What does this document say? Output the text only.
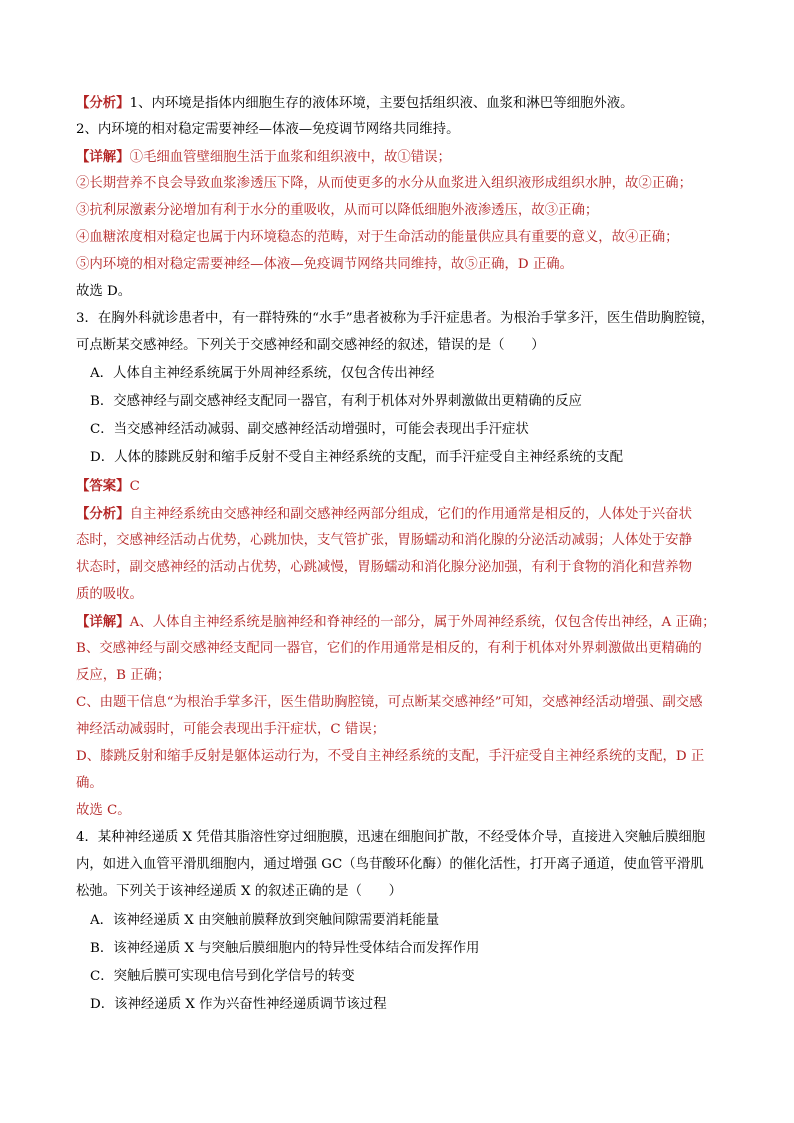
【分析】1、内环境是指体内细胞生存的液体环境，主要包括组织液、血浆和淋巴等细胞外液。
2、内环境的相对稳定需要神经—体液—免疫调节网络共同维持。
【详解】①毛细血管壁细胞生活于血浆和组织液中，故①错误；
②长期营养不良会导致血浆渗透压下降，从而使更多的水分从血浆进入组织液形成组织水肿，故②正确；
③抗利尿激素分泌增加有利于水分的重吸收，从而可以降低细胞外液渗透压，故③正确；
④血糖浓度相对稳定也属于内环境稳态的范畴，对于生命活动的能量供应具有重要的意义，故④正确；
⑤内环境的相对稳定需要神经—体液—免疫调节网络共同维持，故⑤正确，D 正确。
故选 D。
3．在胸外科就诊患者中，有一群特殊的“水手”患者被称为手汗症患者。为根治手掌多汗，医生借助胸腔镜，
可点断某交感神经。下列关于交感神经和副交感神经的叙述，错误的是（　　）
A．人体自主神经系统属于外周神经系统，仅包含传出神经
B．交感神经与副交感神经支配同一器官，有利于机体对外界刺激做出更精确的反应
C．当交感神经活动减弱、副交感神经活动增强时，可能会表现出手汗症状
D．人体的膝跳反射和缩手反射不受自主神经系统的支配，而手汗症受自主神经系统的支配
【答案】C
【分析】自主神经系统由交感神经和副交感神经两部分组成，它们的作用通常是相反的，人体处于兴奋状
态时，交感神经活动占优势，心跳加快，支气管扩张，胃肠蠕动和消化腺的分泌活动减弱；人体处于安静
状态时，副交感神经的活动占优势，心跳减慢，胃肠蠕动和消化腺分泌加强，有利于食物的消化和营养物
质的吸收。
【详解】A、人体自主神经系统是脑神经和脊神经的一部分，属于外周神经系统，仅包含传出神经，A 正确；
B、交感神经与副交感神经支配同一器官，它们的作用通常是相反的，有利于机体对外界刺激做出更精确的
反应，B 正确；
C、由题干信息“为根治手掌多汗，医生借助胸腔镜，可点断某交感神经”可知，交感神经活动增强、副交感
神经活动减弱时，可能会表现出手汗症状，C 错误；
D、膝跳反射和缩手反射是躯体运动行为，不受自主神经系统的支配，手汗症受自主神经系统的支配，D 正
确。
故选 C。
4．某种神经递质 X 凭借其脂溶性穿过细胞膜，迅速在细胞间扩散，不经受体介导，直接进入突触后膜细胞
内，如进入血管平滑肌细胞内，通过增强 GC（鸟苷酸环化酶）的催化活性，打开离子通道，使血管平滑肌
松弛。下列关于该神经递质 X 的叙述正确的是（　　）
A．该神经递质 X 由突触前膜释放到突触间隙需要消耗能量
B．该神经递质 X 与突触后膜细胞内的特异性受体结合而发挥作用
C．突触后膜可实现电信号到化学信号的转变
D．该神经递质 X 作为兴奋性神经递质调节该过程
